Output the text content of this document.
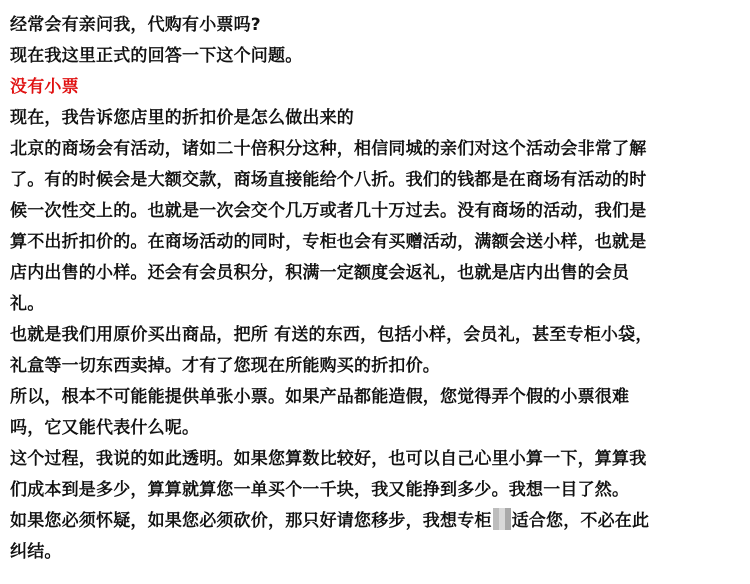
经常会有亲问我，代购有小票吗?
现在我这里正式的回答一下这个问题。
没有小票
现在，我告诉您店里的折扣价是怎么做出来的
北京的商场会有活动，诸如二十倍积分这种，相信同城的亲们对这个活动会非常了解
了。有的时候会是大额交款，商场直接能给个八折。我们的钱都是在商场有活动的时
候一次性交上的。也就是一次会交个几万或者几十万过去。没有商场的活动，我们是
算不出折扣价的。在商场活动的同时，专柜也会有买赠活动，满额会送小样，也就是
店内出售的小样。还会有会员积分，积满一定额度会返礼，也就是店内出售的会员
礼。
也就是我们用原价买出商品，把所 有送的东西，包括小样，会员礼，甚至专柜小袋，
礼盒等一切东西卖掉。才有了您现在所能购买的折扣价。
所以，根本不可能能提供单张小票。如果产品都能造假，您觉得弄个假的小票很难
吗，它又能代表什么呢。
这个过程，我说的如此透明。如果您算数比较好，也可以自己心里小算一下，算算我
们成本到是多少，算算就算您一单买个一千块，我又能挣到多少。我想一目了然。
如果您必须怀疑，如果您必须砍价，那只好请您移步，我想专柜 适合您，不必在此
纠结。
